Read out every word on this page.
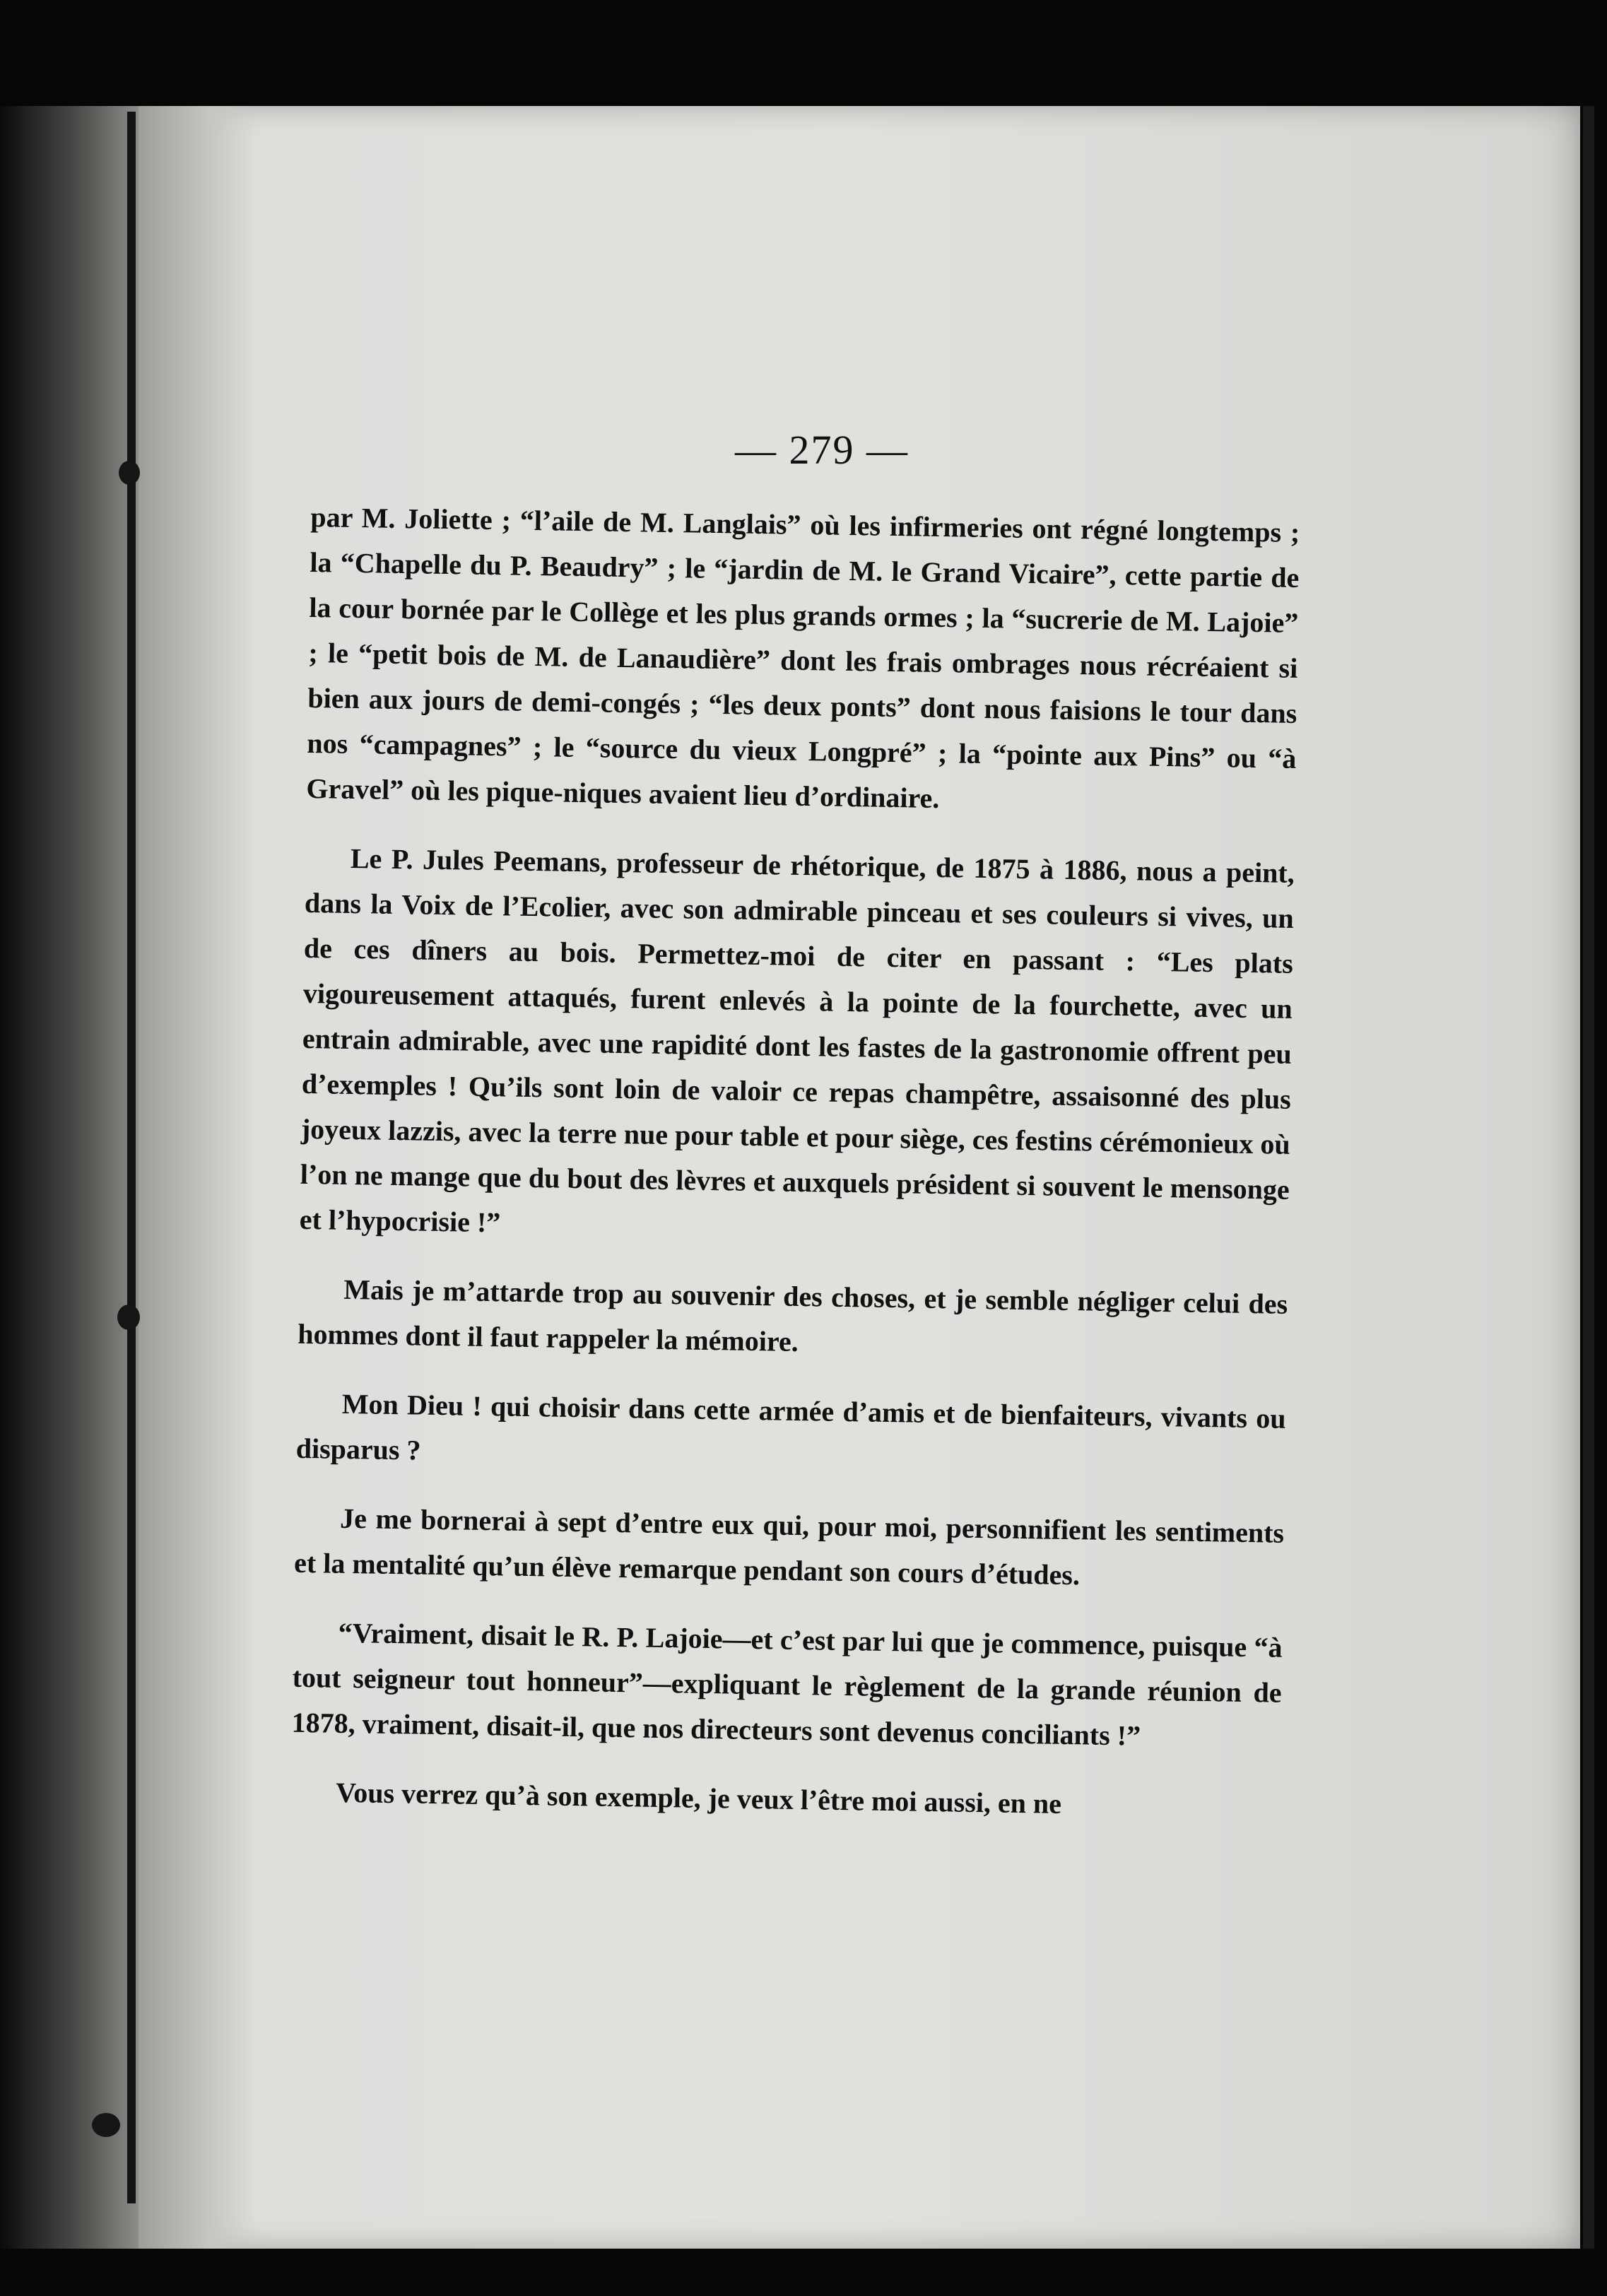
— 279 —

par M. Joliette ; “l’aile de M. Langlais” où les infirmeries ont régné longtemps ; la “Chapelle du P. Beaudry” ; le “jardin de M. le Grand Vicaire”, cette partie de la cour bornée par le Collège et les plus grands ormes ; la “sucrerie de M. Lajoie” ; le “petit bois de M. de Lanaudière” dont les frais ombrages nous récréaient si bien aux jours de demi-congés ; “les deux ponts” dont nous faisions le tour dans nos “campagnes” ; le “source du vieux Longpré” ; la “pointe aux Pins” ou “à Gravel” où les pique-niques avaient lieu d’ordinaire.

Le P. Jules Peemans, professeur de rhétorique, de 1875 à 1886, nous a peint, dans la Voix de l’Ecolier, avec son admirable pinceau et ses couleurs si vives, un de ces dîners au bois. Permettez-moi de citer en passant : “Les plats vigoureusement attaqués, furent enlevés à la pointe de la fourchette, avec un entrain admirable, avec une rapidité dont les fastes de la gastronomie offrent peu d’exemples ! Qu’ils sont loin de valoir ce repas champêtre, assaisonné des plus joyeux lazzis, avec la terre nue pour table et pour siège, ces festins cérémonieux où l’on ne mange que du bout des lèvres et auxquels président si souvent le mensonge et l’hypocrisie !”

Mais je m’attarde trop au souvenir des choses, et je semble négliger celui des hommes dont il faut rappeler la mémoire.

Mon Dieu ! qui choisir dans cette armée d’amis et de bienfaiteurs, vivants ou disparus ?

Je me bornerai à sept d’entre eux qui, pour moi, personnifient les sentiments et la mentalité qu’un élève remarque pendant son cours d’études.

“Vraiment, disait le R. P. Lajoie—et c’est par lui que je commence, puisque “à tout seigneur tout honneur”—expliquant le règlement de la grande réunion de 1878, vraiment, disait-il, que nos directeurs sont devenus conciliants !”

Vous verrez qu’à son exemple, je veux l’être moi aussi, en ne
